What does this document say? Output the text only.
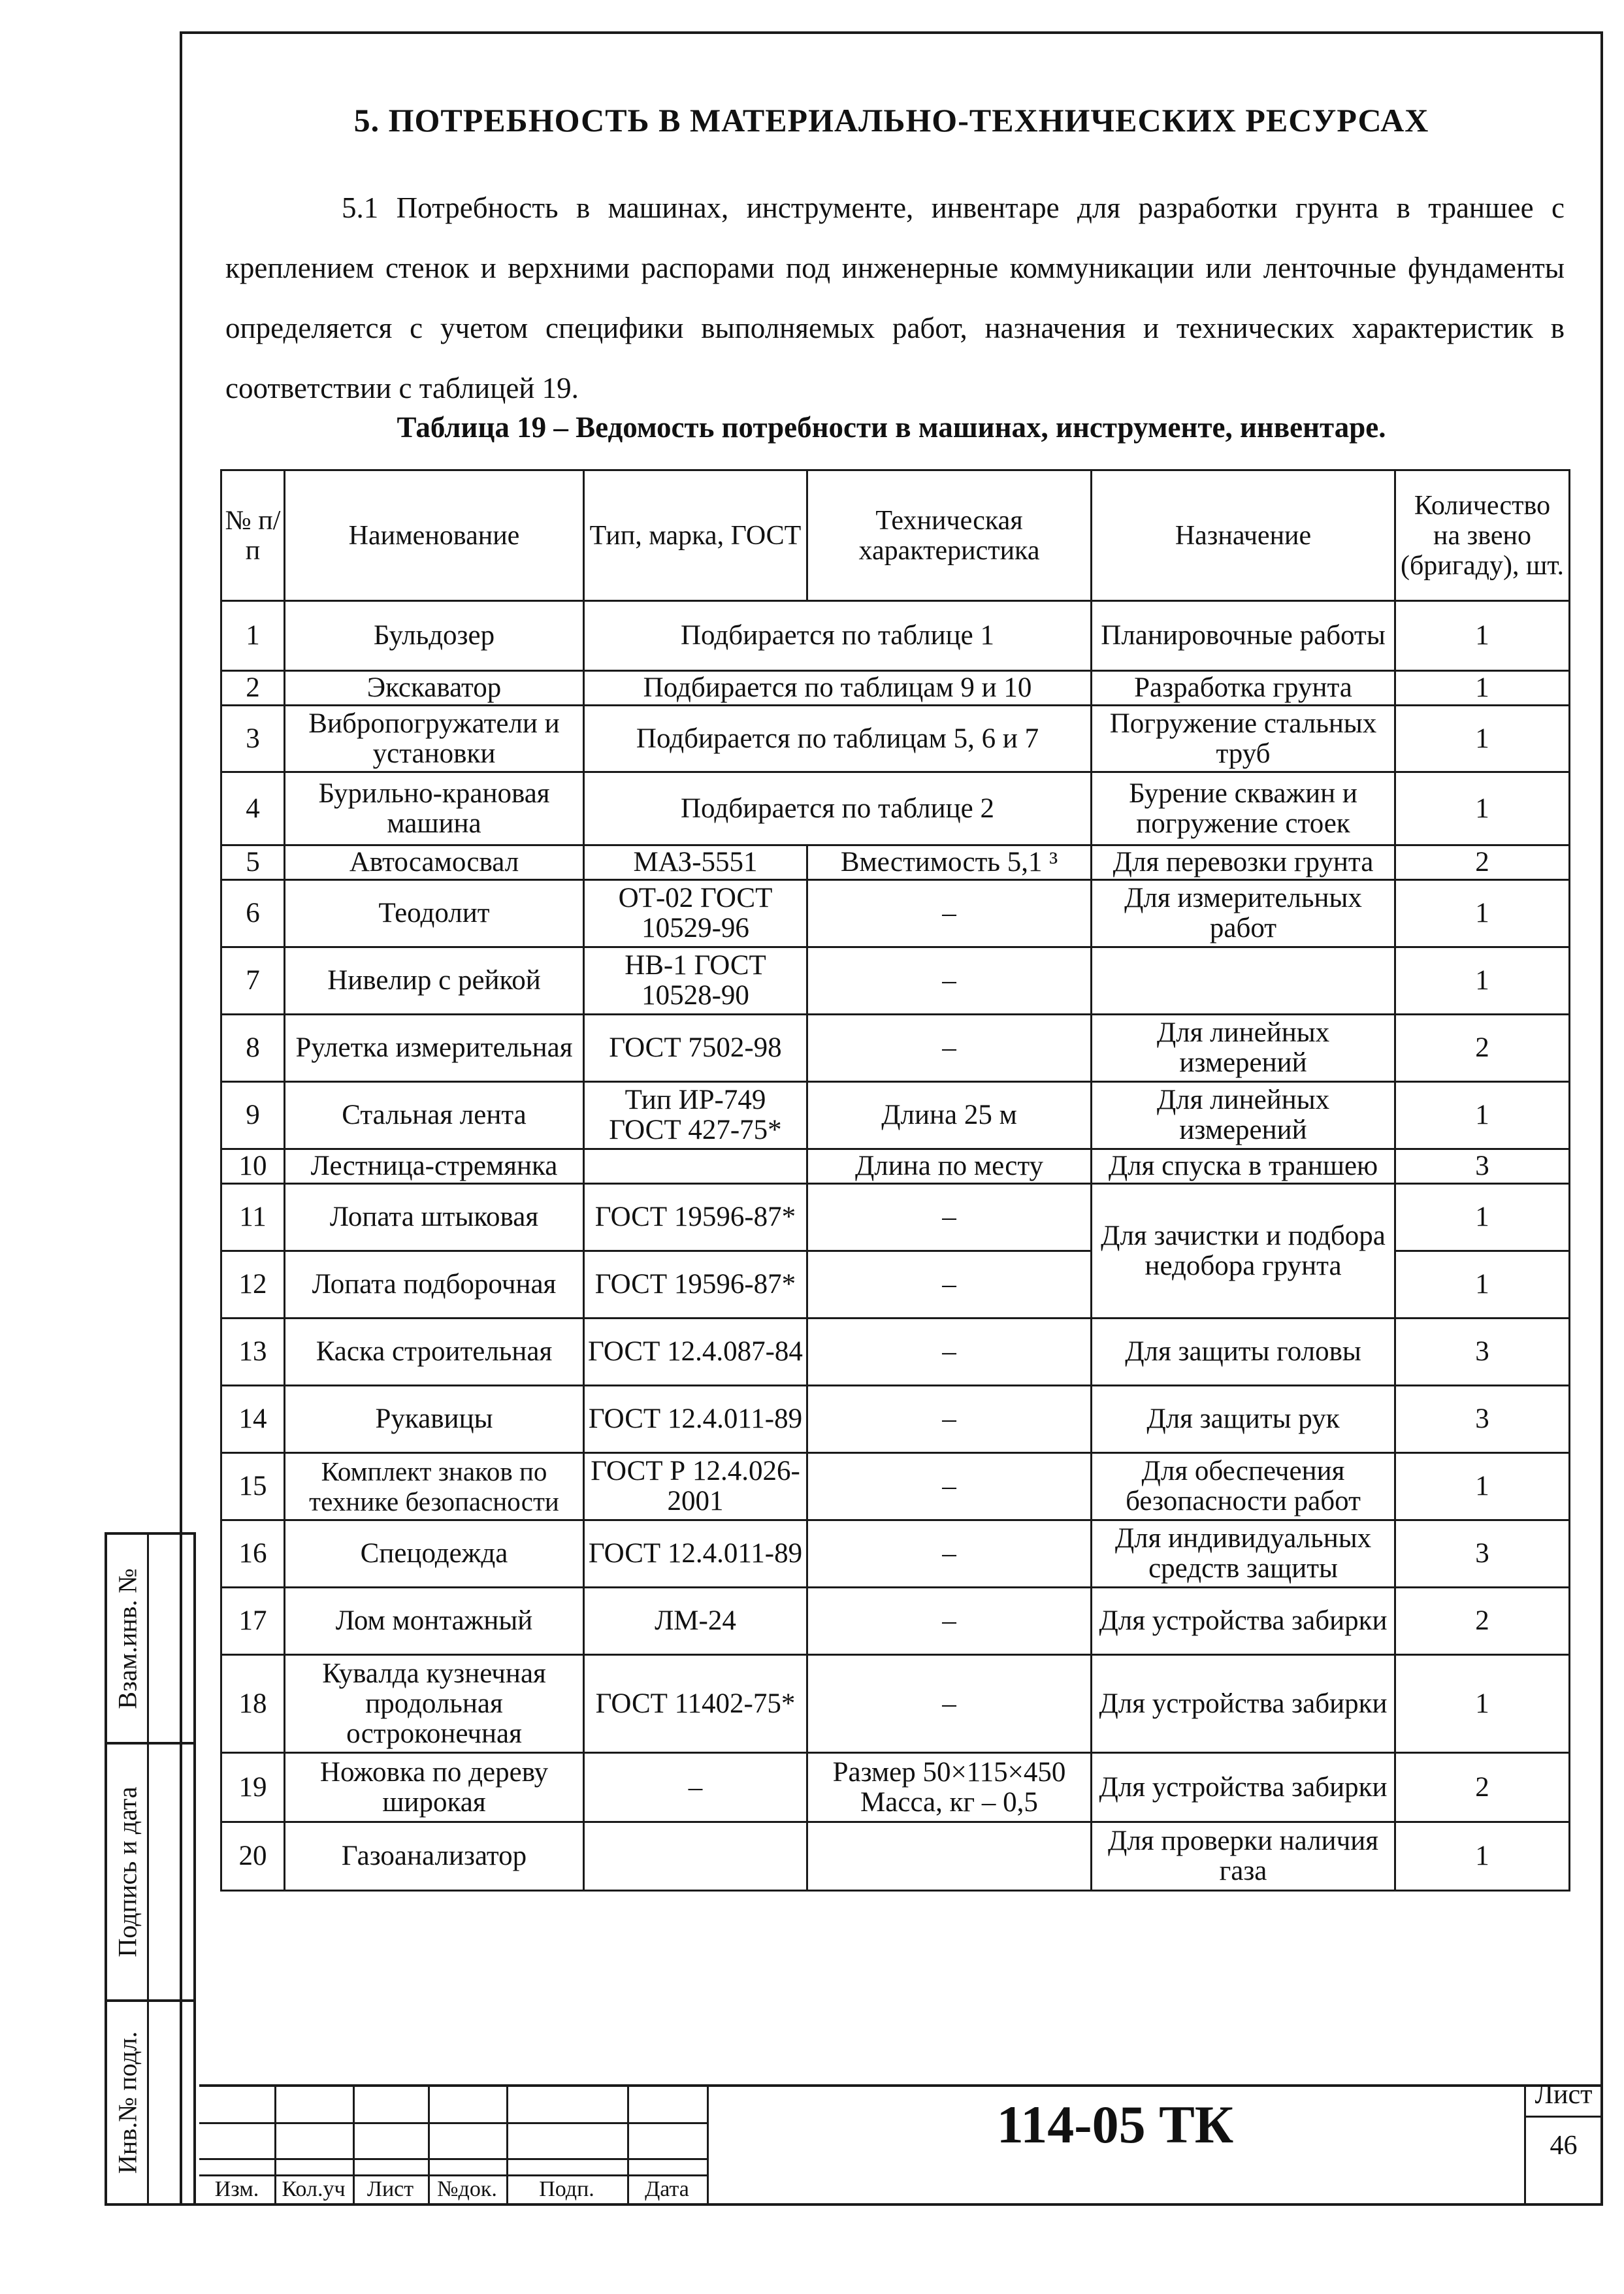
5. ПОТРЕБНОСТЬ В МАТЕРИАЛЬНО-ТЕХНИЧЕСКИХ РЕСУРСАХ
5.1 Потребность в машинах, инструменте, инвентаре для разработки грунта в траншее с креплением стенок и верхними распорами под инженерные коммуникации или ленточные фундаменты определяется с учетом специфики выполняемых работ, назначения и технических характеристик в соответствии с таблицей 19.
Таблица 19 – Ведомость потребности в машинах, инструменте, инвентаре.
№ п/п	Наименование	Тип, марка, ГОСТ	Техническая характеристика	Назначение	Количество на звено (бригаду), шт.
1	Бульдозер	Подбирается по таблице 1		Планировочные работы	1
2	Экскаватор	Подбирается по таблицам 9 и 10		Разработка грунта	1
3	Вибропогружатели и установки	Подбирается по таблицам 5, 6 и 7		Погружение стальных труб	1
4	Бурильно-крановая машина	Подбирается по таблице 2		Бурение скважин и погружение стоек	1
5	Автосамосвал	МАЗ-5551	Вместимость 5,1 ³	Для перевозки грунта	2
6	Теодолит	ОТ-02 ГОСТ 10529-96	–	Для измерительных работ	1
7	Нивелир с рейкой	НВ-1 ГОСТ 10528-90	–		1
8	Рулетка измерительная	ГОСТ 7502-98	–	Для линейных измерений	2
9	Стальная лента	Тип ИР-749 ГОСТ 427-75*	Длина 25 м	Для линейных измерений	1
10	Лестница-стремянка		Длина по месту	Для спуска в траншею	3
11	Лопата штыковая	ГОСТ 19596-87*	–	Для зачистки и подбора недобора грунта	1
12	Лопата подборочная	ГОСТ 19596-87*	–		1
13	Каска строительная	ГОСТ 12.4.087-84	–	Для защиты головы	3
14	Рукавицы	ГОСТ 12.4.011-89	–	Для защиты рук	3
15	Комплект знаков по технике безопасности	ГОСТ Р 12.4.026-2001	–	Для обеспечения безопасности работ	1
16	Спецодежда	ГОСТ 12.4.011-89	–	Для индивидуальных средств защиты	3
17	Лом монтажный	ЛМ-24	–	Для устройства забирки	2
18	Кувалда кузнечная продольная остроконечная	ГОСТ 11402-75*	–	Для устройства забирки	1
19	Ножовка по дереву широкая	–	Размер 50×115×450 Масса, кг – 0,5	Для устройства забирки	2
20	Газоанализатор			Для проверки наличия газа	1
Взам.инв. №
Подпись и дата
Инв.№ подл.
Изм.	Кол.уч Лист	№док.	Подп.	Дата
114-05 ТК	Лист
46
